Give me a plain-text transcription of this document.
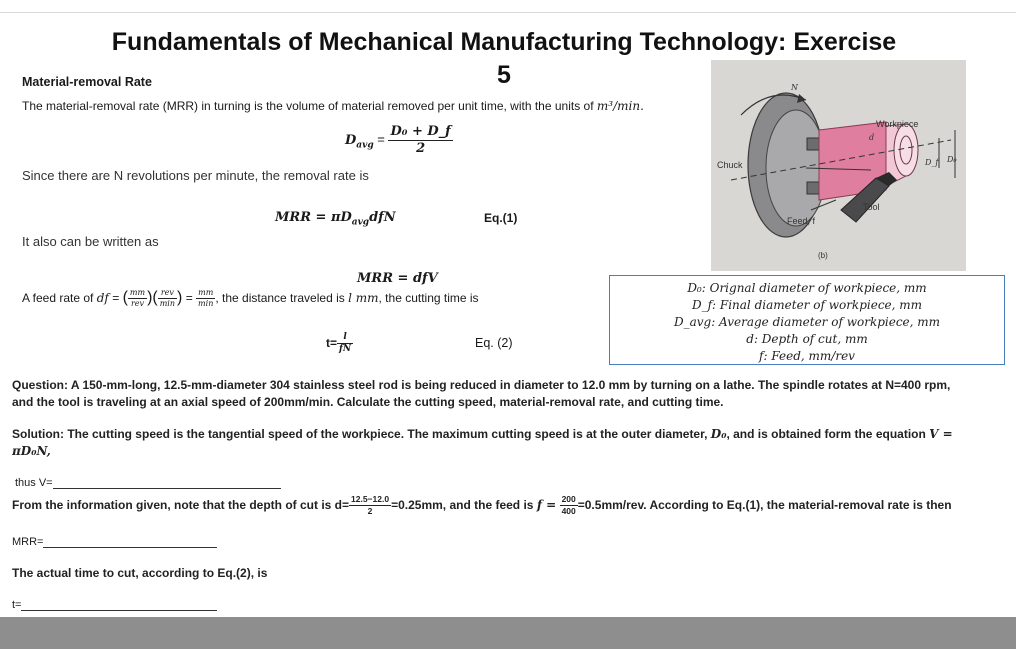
Fundamentals of Mechanical Manufacturing Technology: Exercise
5
Material-removal Rate
The material-removal rate (MRR) in turning is the volume of material removed per unit time, with the units of m³/min.
$D_{avg} = \frac{\text{D₀ + D\_f}}{2}$
Since there are N revolutions per minute, the removal rate is
MRR = $\pi D_{avg}dfN$	Eq.(1)
It also can be written as
MRR = dfV
A feed rate of
df
=
( $\frac{mm}{\text{rev}}$ ) ( $\frac{\text{rev}}{\min}$ )
=
$\frac{mm}{\min}$ , the distance traveled is
l mm , the cutting time is
$t= \frac{l}{fN}$	Eq. (2)
D₀: Orignal diameter of workpiece, mm
D_f: Final diameter of workpiece, mm
D_avg: Average diameter of workpiece, mm
d: Depth of cut, mm
f: Feed, mm/rev
Workpiece
Chuck
Tool
Feed, f
(b)
N
d
D_f D₀
Question: A 150-mm-long, 12.5-mm-diameter 304 stainless steel rod is being reduced in diameter to 12.0 mm by turning on a lathe. The spindle rotates at N=400 rpm,
and the tool is traveling at an axial speed of 200mm/min. Calculate the cutting speed, material-removal rate, and cutting time.
Solution: The cutting speed is the tangential speed of the workpiece. The maximum cutting speed is at the outer diameter, D₀, and is obtained form the equation V =
πD₀N,
thus V=
From the information given, note that the depth of cut is $d= \frac{12.5-12.0}{2} =0.25mm$, and the feed is
f =
$\frac{200}{400} =0.5mm/rev$. According to Eq.(1), the material-removal rate is then
MRR=
The actual time to cut, according to Eq.(2), is
t=
